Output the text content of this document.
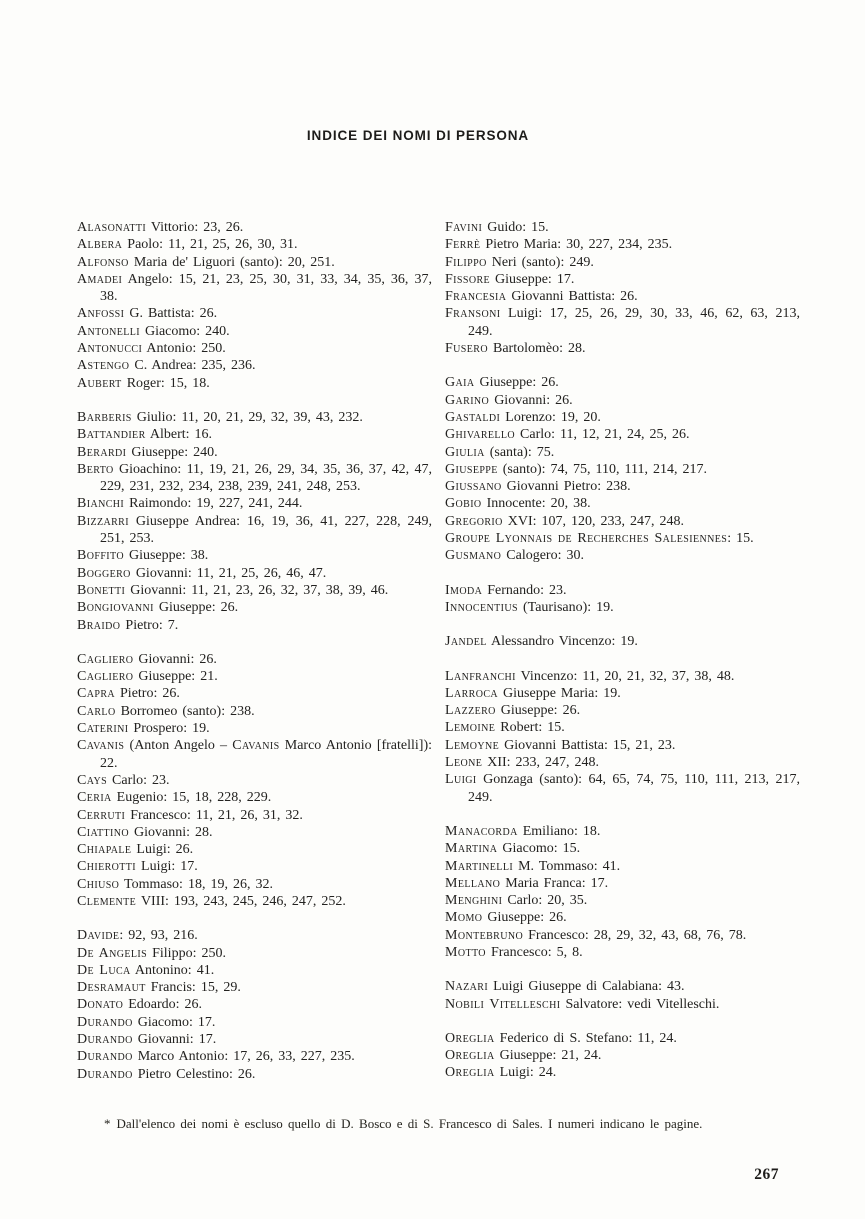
INDICE DEI NOMI DI PERSONA
Alasonatti Vittorio: 23, 26.
Albera Paolo: 11, 21, 25, 26, 30, 31.
Alfonso Maria de' Liguori (santo): 20, 251.
Amadei Angelo: 15, 21, 23, 25, 30, 31, 33, 34, 35, 36, 37, 38.
Anfossi G. Battista: 26.
Antonelli Giacomo: 240.
Antonucci Antonio: 250.
Astengo C. Andrea: 235, 236.
Aubert Roger: 15, 18.
Barberis Giulio: 11, 20, 21, 29, 32, 39, 43, 232.
Battandier Albert: 16.
Berardi Giuseppe: 240.
Berto Gioachino: 11, 19, 21, 26, 29, 34, 35, 36, 37, 42, 47, 229, 231, 232, 234, 238, 239, 241, 248, 253.
Bianchi Raimondo: 19, 227, 241, 244.
Bizzarri Giuseppe Andrea: 16, 19, 36, 41, 227, 228, 249, 251, 253.
Boffito Giuseppe: 38.
Boggero Giovanni: 11, 21, 25, 26, 46, 47.
Bonetti Giovanni: 11, 21, 23, 26, 32, 37, 38, 39, 46.
Bongiovanni Giuseppe: 26.
Braido Pietro: 7.
Cagliero Giovanni: 26.
Cagliero Giuseppe: 21.
Capra Pietro: 26.
Carlo Borromeo (santo): 238.
Caterini Prospero: 19.
Cavanis (Anton Angelo – Cavanis Marco Antonio [fratelli]): 22.
Cays Carlo: 23.
Ceria Eugenio: 15, 18, 228, 229.
Cerruti Francesco: 11, 21, 26, 31, 32.
Ciattino Giovanni: 28.
Chiapale Luigi: 26.
Chierotti Luigi: 17.
Chiuso Tommaso: 18, 19, 26, 32.
Clemente VIII: 193, 243, 245, 246, 247, 252.
Davide: 92, 93, 216.
De Angelis Filippo: 250.
De Luca Antonino: 41.
Desramaut Francis: 15, 29.
Donato Edoardo: 26.
Durando Giacomo: 17.
Durando Giovanni: 17.
Durando Marco Antonio: 17, 26, 33, 227, 235.
Durando Pietro Celestino: 26.
Favini Guido: 15.
Ferrè Pietro Maria: 30, 227, 234, 235.
Filippo Neri (santo): 249.
Fissore Giuseppe: 17.
Francesia Giovanni Battista: 26.
Fransoni Luigi: 17, 25, 26, 29, 30, 33, 46, 62, 63, 213, 249.
Fusero Bartolomèo: 28.
Gaia Giuseppe: 26.
Garino Giovanni: 26.
Gastaldi Lorenzo: 19, 20.
Ghivarello Carlo: 11, 12, 21, 24, 25, 26.
Giulia (santa): 75.
Giuseppe (santo): 74, 75, 110, 111, 214, 217.
Giussano Giovanni Pietro: 238.
Gobio Innocente: 20, 38.
Gregorio XVI: 107, 120, 233, 247, 248.
Groupe Lyonnais de Recherches Salesiennes: 15.
Gusmano Calogero: 30.
Imoda Fernando: 23.
Innocentius (Taurisano): 19.
Jandel Alessandro Vincenzo: 19.
Lanfranchi Vincenzo: 11, 20, 21, 32, 37, 38, 48.
Larroca Giuseppe Maria: 19.
Lazzero Giuseppe: 26.
Lemoine Robert: 15.
Lemoyne Giovanni Battista: 15, 21, 23.
Leone XII: 233, 247, 248.
Luigi Gonzaga (santo): 64, 65, 74, 75, 110, 111, 213, 217, 249.
Manacorda Emiliano: 18.
Martina Giacomo: 15.
Martinelli M. Tommaso: 41.
Mellano Maria Franca: 17.
Menghini Carlo: 20, 35.
Momo Giuseppe: 26.
Montebruno Francesco: 28, 29, 32, 43, 68, 76, 78.
Motto Francesco: 5, 8.
Nazari Luigi Giuseppe di Calabiana: 43.
Nobili Vitelleschi Salvatore: vedi Vitelleschi.
Oreglia Federico di S. Stefano: 11, 24.
Oreglia Giuseppe: 21, 24.
Oreglia Luigi: 24.
* Dall'elenco dei nomi è escluso quello di D. Bosco e di S. Francesco di Sales. I numeri indicano le pagine.
267
